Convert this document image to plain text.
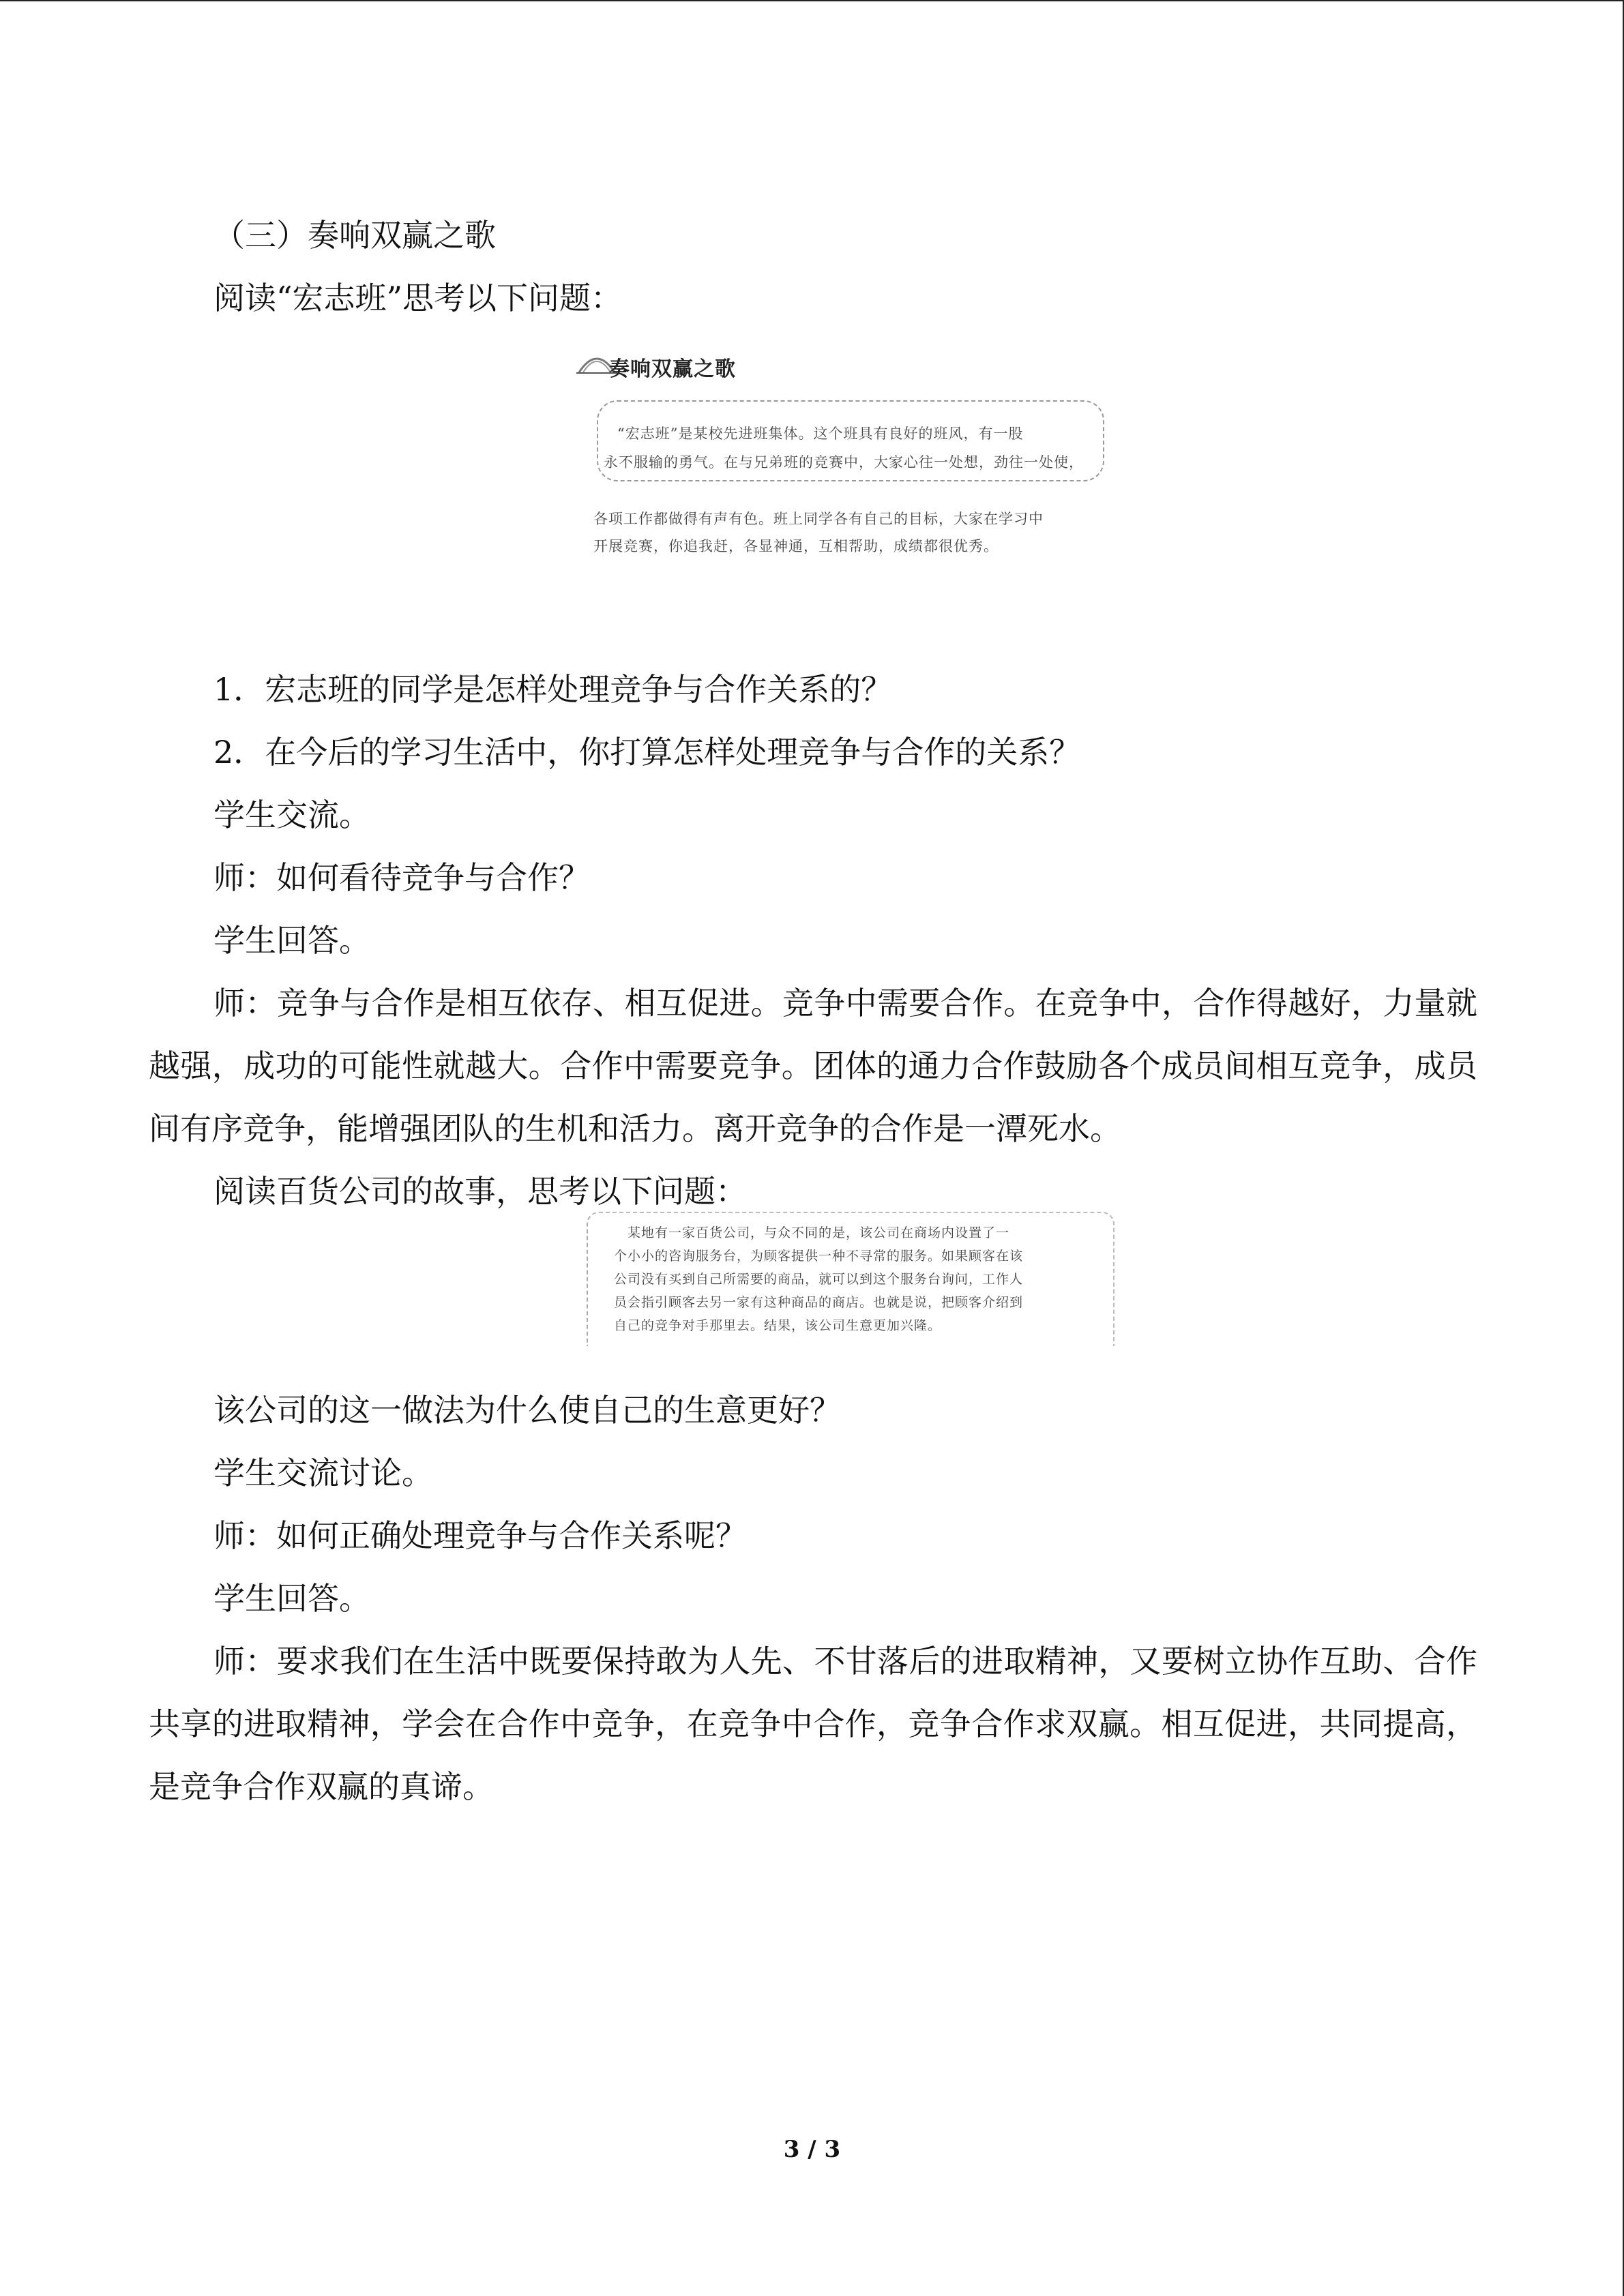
（三）奏响双赢之歌

阅读“宏志班”思考以下问题：

奏响双赢之歌
“宏志班”是某校先进班集体。这个班具有良好的班风，有一股
永不服输的勇气。在与兄弟班的竞赛中，大家心往一处想，劲往一处使，
各项工作都做得有声有色。班上同学各有自己的目标，大家在学习中
开展竞赛，你追我赶，各显神通，互相帮助，成绩都很优秀。

1．宏志班的同学是怎样处理竞争与合作关系的？

2．在今后的学习生活中，你打算怎样处理竞争与合作的关系？

学生交流。

师：如何看待竞争与合作？

学生回答。

师：竞争与合作是相互依存、相互促进。竞争中需要合作。在竞争中，合作得越好，力量就越强，成功的可能性就越大。合作中需要竞争。团体的通力合作鼓励各个成员间相互竞争，成员间有序竞争，能增强团队的生机和活力。离开竞争的合作是一潭死水。

阅读百货公司的故事，思考以下问题：

某地有一家百货公司，与众不同的是，该公司在商场内设置了一
个小小的咨询服务台，为顾客提供一种不寻常的服务。如果顾客在该
公司没有买到自己所需要的商品，就可以到这个服务台询问，工作人
员会指引顾客去另一家有这种商品的商店。也就是说，把顾客介绍到
自己的竞争对手那里去。结果，该公司生意更加兴隆。

该公司的这一做法为什么使自己的生意更好？

学生交流讨论。

师：如何正确处理竞争与合作关系呢？

学生回答。

师：要求我们在生活中既要保持敢为人先、不甘落后的进取精神，又要树立协作互助、合作共享的进取精神，学会在合作中竞争，在竞争中合作，竞争合作求双赢。相互促进，共同提高，是竞争合作双赢的真谛。

3 / 3
